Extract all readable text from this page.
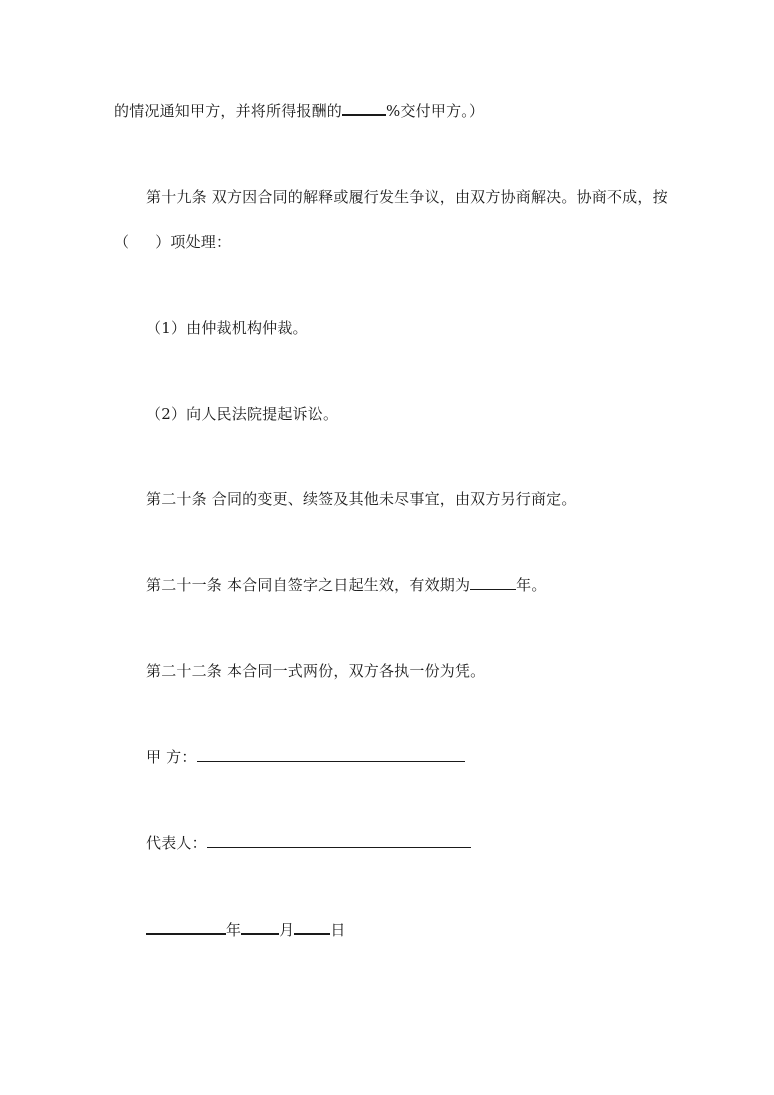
的情况通知甲方，并将所得报酬的	%交付甲方。）
第十九条 双方因合同的解释或履行发生争议，由双方协商解决。协商不成，按
（ ）项处理：
（1）由仲裁机构仲裁。
（2）向人民法院提起诉讼。
第二十条 合同的变更、续签及其他未尽事宜，由双方另行商定。
第二十一条 本合同自签字之日起生效，有效期为	年。
第二十二条 本合同一式两份，双方各执一份为凭。
甲 方：
代表人：
年	月 日
